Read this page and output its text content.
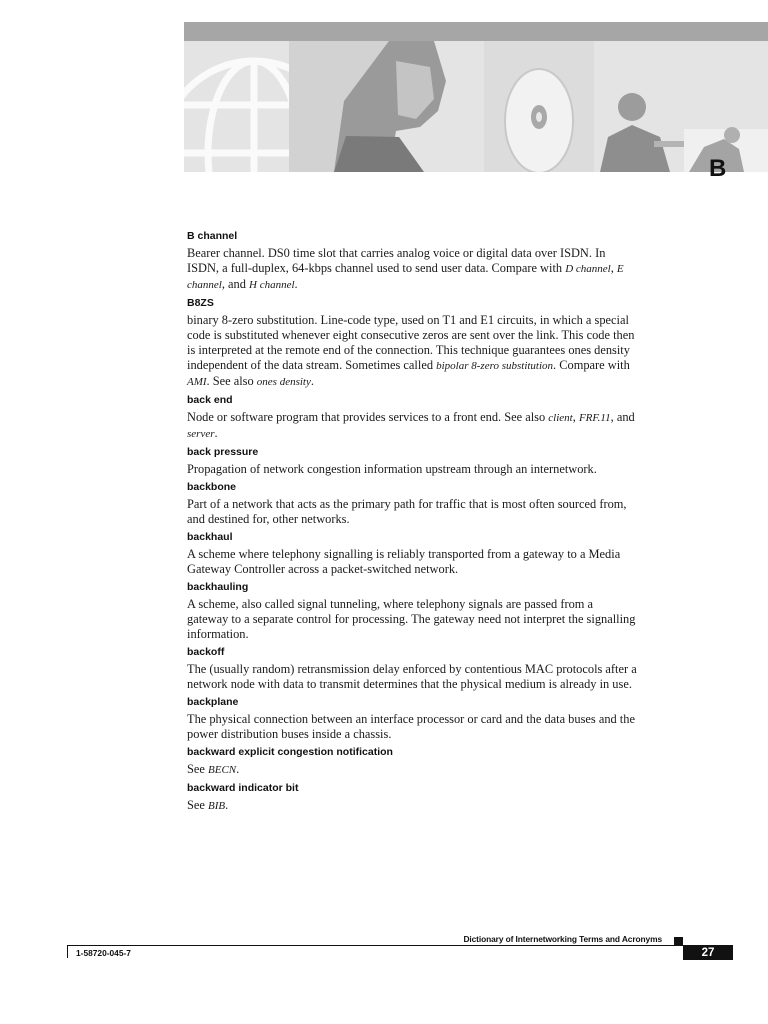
B

B channel

Bearer channel. DS0 time slot that carries analog voice or digital data over ISDN. In ISDN, a full-duplex, 64-kbps channel used to send user data. Compare with D channel, E channel, and H channel.

B8ZS

binary 8-zero substitution. Line-code type, used on T1 and E1 circuits, in which a special code is substituted whenever eight consecutive zeros are sent over the link. This code then is interpreted at the remote end of the connection. This technique guarantees ones density independent of the data stream. Sometimes called bipolar 8-zero substitution. Compare with AMI. See also ones density.

back end

Node or software program that provides services to a front end. See also client, FRF.11, and server.

back pressure

Propagation of network congestion information upstream through an internetwork.

backbone

Part of a network that acts as the primary path for traffic that is most often sourced from, and destined for, other networks.

backhaul

A scheme where telephony signalling is reliably transported from a gateway to a Media Gateway Controller across a packet-switched network.

backhauling

A scheme, also called signal tunneling, where telephony signals are passed from a gateway to a separate control for processing. The gateway need not interpret the signalling information.

backoff

The (usually random) retransmission delay enforced by contentious MAC protocols after a network node with data to transmit determines that the physical medium is already in use.

backplane

The physical connection between an interface processor or card and the data buses and the power distribution buses inside a chassis.

backward explicit congestion notification

See BECN.

backward indicator bit

See BIB.

Dictionary of Internetworking Terms and Acronyms
1-58720-045-7	27
